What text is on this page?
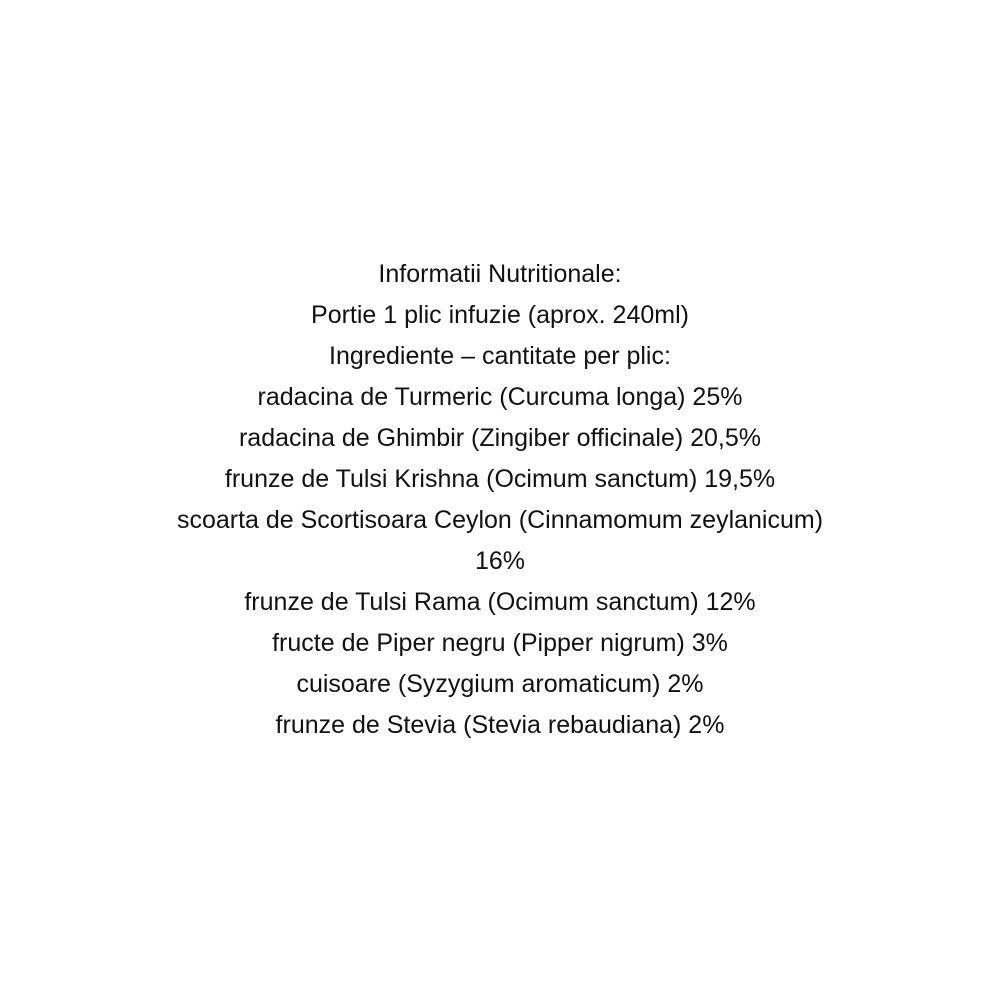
Informatii Nutritionale:

Portie 1 plic infuzie (aprox. 240ml)

Ingrediente – cantitate per plic:

radacina de Turmeric (Curcuma longa) 25%

radacina de Ghimbir (Zingiber officinale) 20,5%

frunze de Tulsi Krishna (Ocimum sanctum) 19,5%

scoarta de Scortisoara Ceylon (Cinnamomum zeylanicum) 16%

frunze de Tulsi Rama (Ocimum sanctum) 12%

fructe de Piper negru (Pipper nigrum) 3%

cuisoare (Syzygium aromaticum) 2%

frunze de Stevia (Stevia rebaudiana) 2%
